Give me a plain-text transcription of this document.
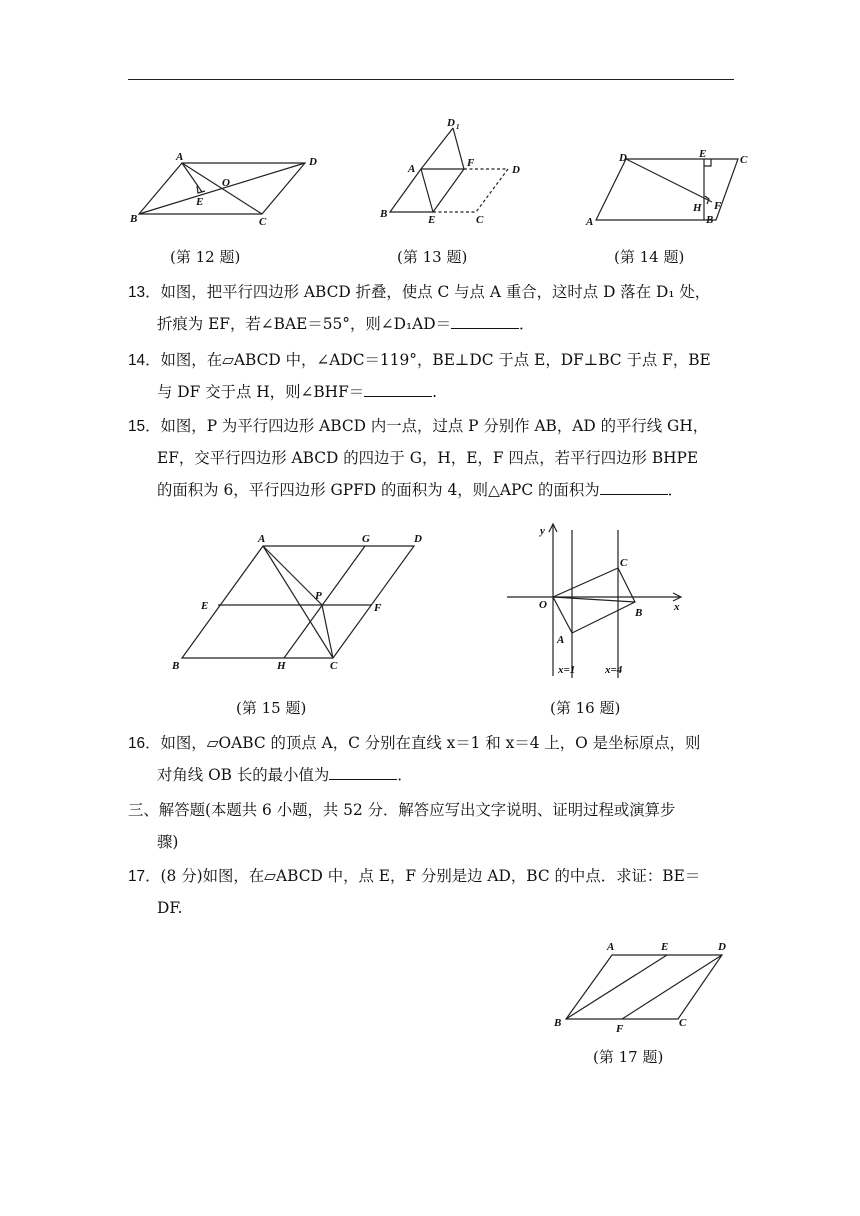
A	D
O
E
B	C
D 1
A	F
D
B	E	C
D	E	C
H F
A	B
(第 12 题)	(第 13 题)	(第 14 题)
13．如图，把平行四边形 ABCD 折叠，使点 C 与点 A 重合，这时点 D 落在 D₁ 处，
折痕为 EF，若∠BAE＝55°，则∠D₁AD＝	．
14．如图，在▱ABCD 中，∠ADC＝119°，BE⊥DC 于点 E，DF⊥BC 于点 F，BE
与 DF 交于点 H，则∠BHF＝	.
15．如图，P 为平行四边形 ABCD 内一点，过点 P 分别作 AB，AD 的平行线 GH，
EF，交平行四边形 ABCD 的四边于 G，H，E，F 四点，若平行四边形 BHPE
的面积为 6，平行四边形 GPFD 的面积为 4，则△APC 的面积为	．
A	G	D
E
P
F
B	H	C
y
x
O
C
B
A
x=1	x=4
(第 15 题)	(第 16 题)
16．如图，▱OABC 的顶点 A，C 分别在直线 x＝1 和 x＝4 上，O 是坐标原点，则
对角线 OB 长的最小值为	．
三、解答题(本题共 6 小题，共 52 分．解答应写出文字说明、证明过程或演算步
骤)
17．(8 分)如图，在▱ABCD 中，点 E，F 分别是边 AD，BC 的中点．求证：BE＝
DF.
A	E	D
B	F	C
(第 17 题)
